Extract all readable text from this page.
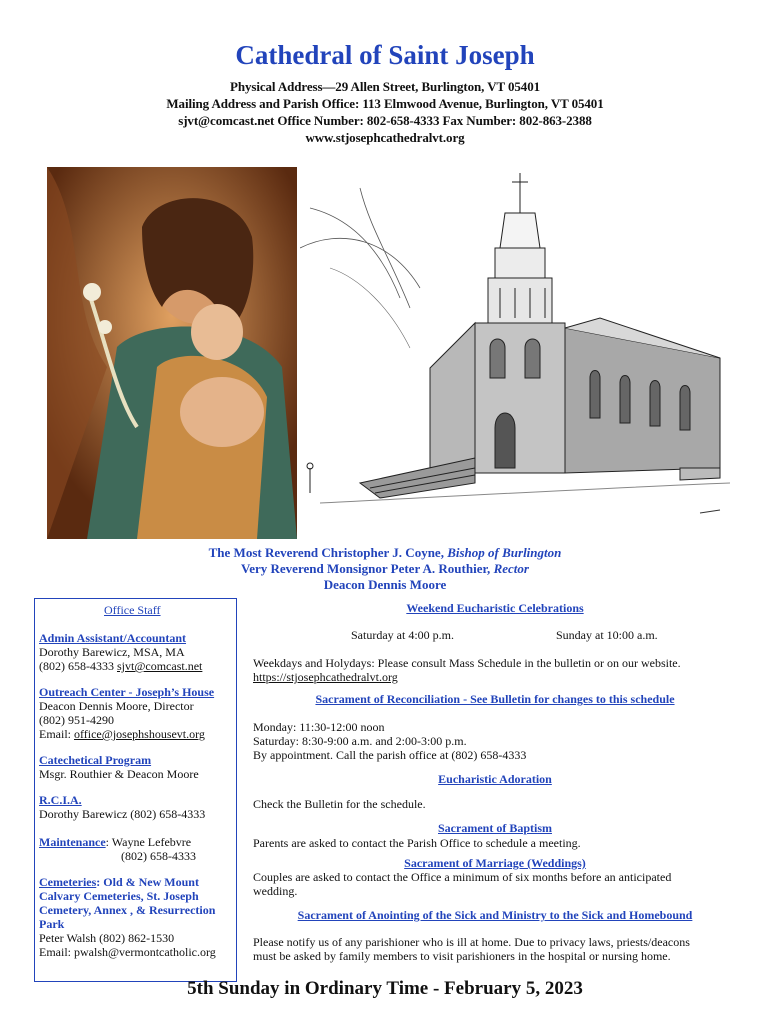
Cathedral of Saint Joseph
Physical Address—29 Allen Street, Burlington, VT 05401
Mailing Address and Parish Office: 113 Elmwood Avenue, Burlington, VT 05401
sjvt@comcast.net Office Number: 802-658-4333 Fax Number: 802-863-2388
www.stjosephcathedralvt.org
The Most Reverend Christopher J. Coyne, Bishop of Burlington
Very Reverend Monsignor Peter A. Routhier, Rector
Deacon Dennis Moore
Office Staff
Admin Assistant/Accountant
Dorothy Barewicz, MSA, MA
(802) 658-4333 sjvt@comcast.net
Outreach Center - Joseph’s House
Deacon Dennis Moore, Director
(802) 951-4290
Email: office@josephshousevt.org
Catechetical Program
Msgr. Routhier & Deacon Moore
R.C.I.A.
Dorothy Barewicz (802) 658-4333
Maintenance: Wayne Lefebvre
(802) 658-4333
Cemeteries: Old & New Mount
Calvary Cemeteries, St. Joseph
Cemetery, Annex , & Resurrection
Park
Peter Walsh (802) 862-1530
Email: pwalsh@vermontcatholic.org
Weekend Eucharistic Celebrations
Saturday at 4:00 p.m.	Sunday at 10:00 a.m.
Weekdays and Holydays: Please consult Mass Schedule in the bulletin or on our website.
https://stjosephcathedralvt.org
Sacrament of Reconciliation - See Bulletin for changes to this schedule
Monday: 11:30-12:00 noon
Saturday: 8:30-9:00 a.m. and 2:00-3:00 p.m.
By appointment. Call the parish office at (802) 658-4333
Eucharistic Adoration
Check the Bulletin for the schedule.
Sacrament of Baptism
Parents are asked to contact the Parish Office to schedule a meeting.
Sacrament of Marriage (Weddings)
Couples are asked to contact the Office a minimum of six months before an anticipated
wedding.
Sacrament of Anointing of the Sick and Ministry to the Sick and Homebound
Please notify us of any parishioner who is ill at home. Due to privacy laws, priests/deacons
must be asked by family members to visit parishioners in the hospital or nursing home.
5th Sunday in Ordinary Time - February 5, 2023
